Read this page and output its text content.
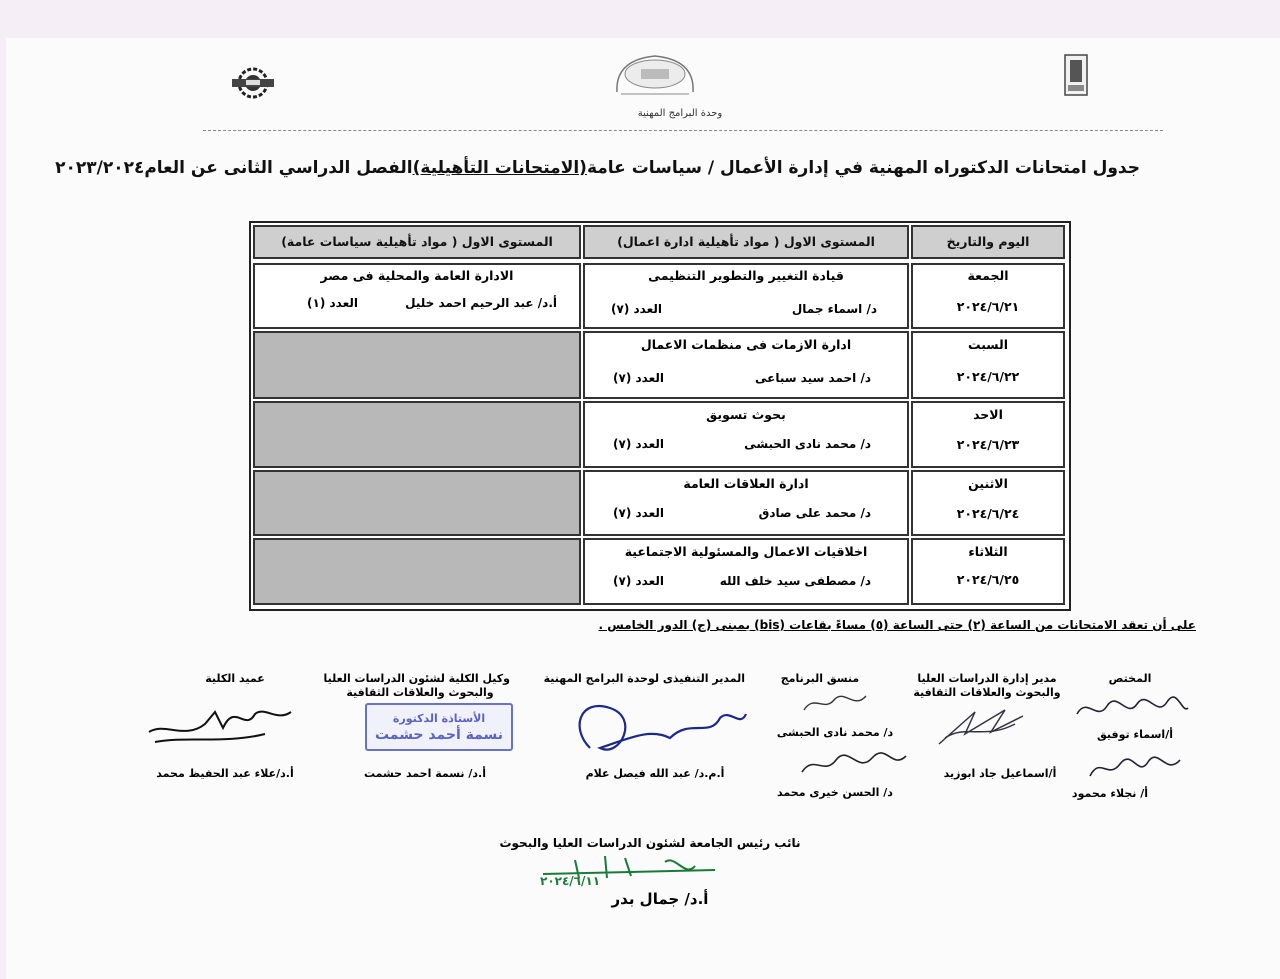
وحدة البرامج المهنية
جدول امتحانات الدكتوراه المهنية في إدارة الأعمال / سياسات عامة(الامتحانات التأهيلية)الفصل الدراسي الثانى عن العام٢٠٢٣/٢٠٢٤
اليوم والتاريخ
المستوى الاول ( مواد تأهيلية ادارة اعمال)
المستوى الاول ( مواد تأهيلية سياسات عامة)
الجمعة
٢٠٢٤/٦/٢١
قيادة التغيير والتطوير التنظيمى
د/ اسماء جمال
العدد (٧)
الادارة العامة والمحلية فى مصر
أ.د/ عبد الرحيم احمد خليل
العدد (١)
السبت
٢٠٢٤/٦/٢٢
ادارة الازمات فى منظمات الاعمال
د/ احمد سيد سباعى
العدد (٧)
الاحد
٢٠٢٤/٦/٢٣
بحوث تسويق
د/ محمد نادى الحبشى
العدد (٧)
الاثنين
٢٠٢٤/٦/٢٤
ادارة العلاقات العامة
د/ محمد على صادق
العدد (٧)
الثلاثاء
٢٠٢٤/٦/٢٥
اخلاقيات الاعمال والمسئولية الاجتماعية
د/ مصطفى سيد خلف الله
العدد (٧)
على أن تعقد الامتحانات من الساعة (٢) حتى الساعة (٥) مساءً بقاعات (bis) بمبنى (ج) الدور الخامس .
المختص
أ/اسماء توفيق
أ/ نجلاء محمود
مدير إدارة الدراسات العليا
والبحوث والعلاقات الثقافية
أ/اسماعيل جاد ابوزيد
منسق البرنامج
د/ محمد نادى الحبشى
د/ الحسن خيرى محمد
المدير التنفيذى لوحدة البرامج المهنية
أ.م.د/ عبد الله فيصل علام
وكيل الكلية لشئون الدراسات العليا
والبحوث والعلاقات الثقافية
الأستاذة الدكتورة
نسمة أحمد حشمت
أ.د/ نسمة احمد حشمت
عميد الكلية
أ.د/علاء عبد الحفيظ محمد
نائب رئيس الجامعة لشئون الدراسات العليا والبحوث
٢٠٢٤/٦/١١
أ.د/ جمال بدر
